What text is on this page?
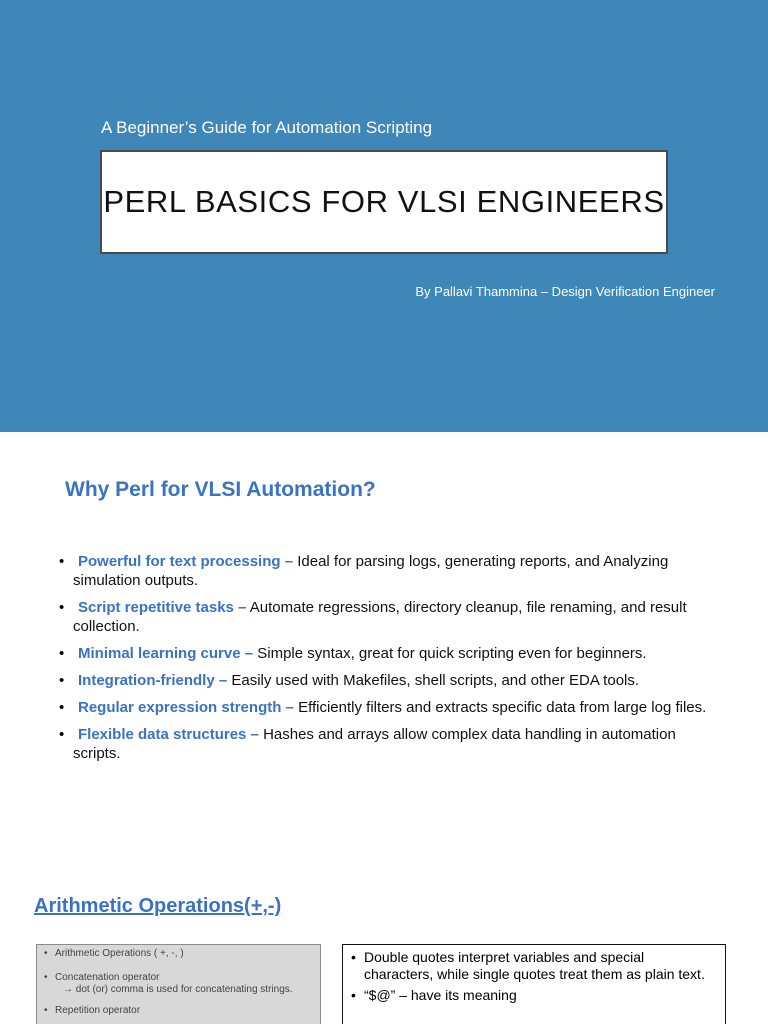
A Beginner’s Guide for Automation Scripting
PERL BASICS FOR VLSI ENGINEERS
By Pallavi Thammina – Design Verification Engineer
Why Perl for VLSI Automation?
• Powerful for text processing – Ideal for parsing logs, generating reports, and Analyzing simulation outputs.
• Script repetitive tasks – Automate regressions, directory cleanup, file renaming, and result collection.
• Minimal learning curve – Simple syntax, great for quick scripting even for beginners.
• Integration-friendly – Easily used with Makefiles, shell scripts, and other EDA tools.
• Regular expression strength – Efficiently filters and extracts specific data from large log files.
• Flexible data structures – Hashes and arrays allow complex data handling in automation scripts.
Arithmetic Operations(+,-)
• Arithmetic Operations ( +, -, )
• Concatenation operator
→ dot (or) comma is used for concatenating strings.
• Repetition operator
• Double quotes interpret variables and special characters, while single quotes treat them as plain text.
• “$@” – have its meaning
